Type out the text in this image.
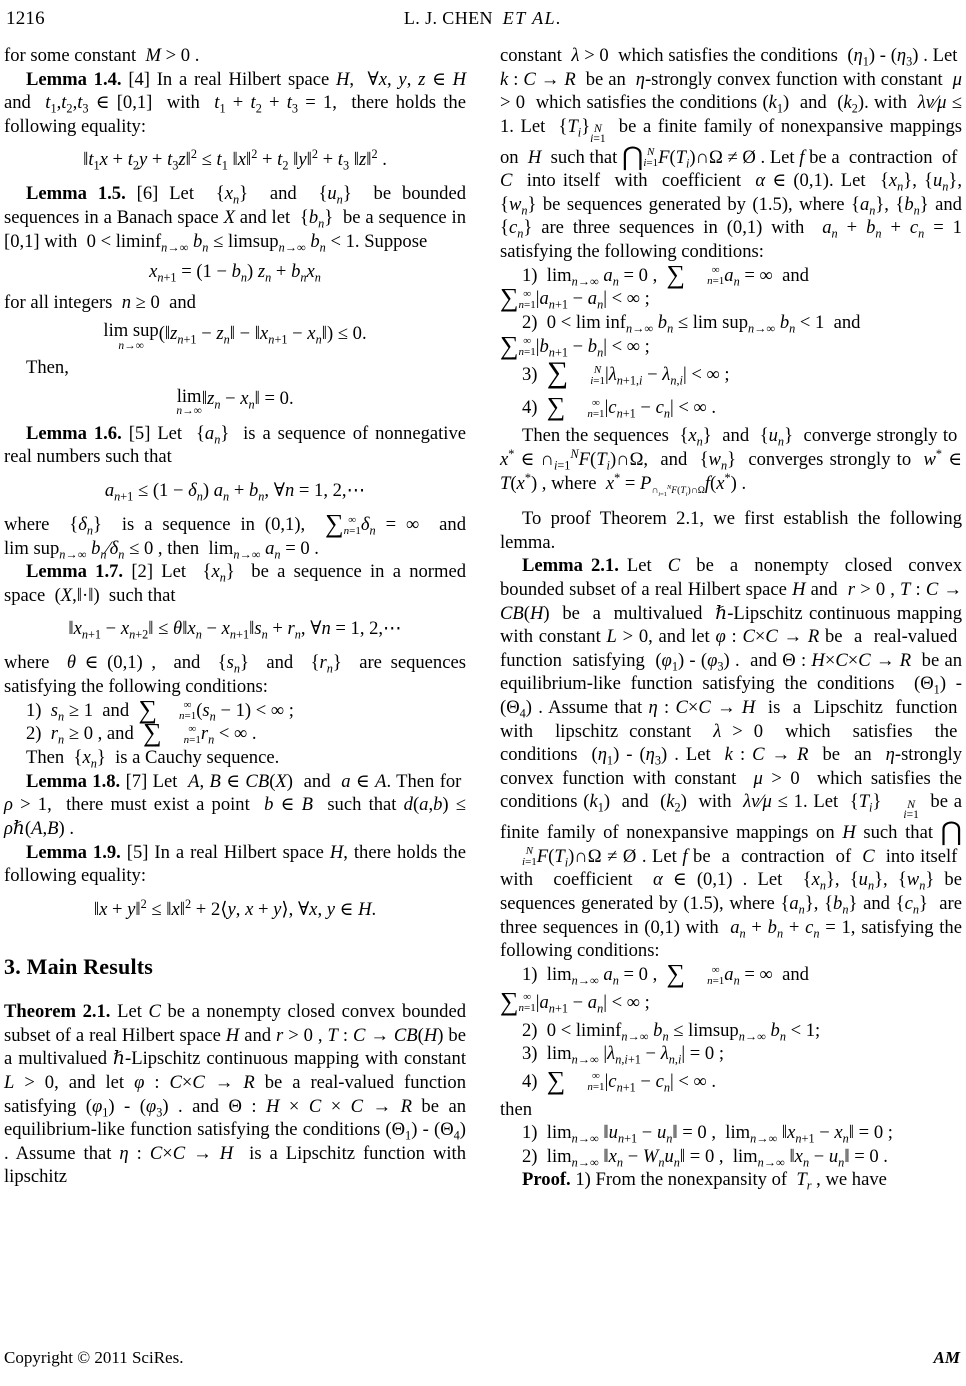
1216	L. J. CHEN ET AL.

for some constant  M > 0 .

Lemma 1.4. [4] In a real Hilbert space H,  ∀x, y, z ∈ H and  $t_1,t_2,t_3$ ∈ [0,1]  with  $t_1 + t_2 + t_3 = 1$,  there holds the following equality:

$‖t_1x + t_2y$ + $t_3z‖^2 \le t_1$ ‖x‖$^2$ + $t_2$ ‖y‖$^2$ + $t_3$ ‖z‖$^2$ .

Lemma 1.5. [6] Let  $\{x_n\}$  and  $\{u_n\}$  be bounded sequences in a Banach space X and let  $\{b_n\}$  be a sequence in [0,1] with  0 < liminf$_{n\to\infty}$ $b_n$ ≤ limsup$_{n\to\infty}$ $b_n < 1$. Suppose

$x_{n+1} = (1 - b_n) z_n + b_nx_n$

for all integers  n ≥ 0  and

lim sup
n→∞
($‖z_{n+1}$ − $z_n‖$ − $‖x_{n+1}$ − $x_n‖) \le 0$.

Then,

lim
n→∞
$‖z_n$ − $x_n‖ = 0$.

Lemma 1.6. [5] Let  $\{a_n\}$  is a sequence of nonnegative real numbers such that

$a_{n+1} \le (1 - \delta_n) a_n + b_n$, ∀n = 1, 2,⋯

where  $\{\delta_n\}$  is a sequence in (0,1),  ∑ ∞
n=1 $\delta_n$ = ∞  and lim sup$_{n\to\infty}$ $b_n⁄\delta_n \le 0$ , then  $\lim_{n\to\infty} a_n = 0$ .

Lemma 1.7. [2] Let  $\{x_n\}$  be a sequence in a normed space  (X,‖·‖)  such that

$‖x_{n+1}$ − $x_{n+2}‖$ ≤ $\theta‖x_n$ − $x_{n+1}‖s_n + r_n$, ∀n = 1, 2,⋯

where  θ ∈ (0,1) ,  and  $\{s_n\}$  and  $\{r_n\}$  are sequences satisfying the following conditions:

1)  $s_n \ge 1$  and  ∑	∞
n=1 $(s_n - 1)$ < ∞ ;

2)  $r_n \ge 0$ , and  ∑	∞
n=1 $r_n$ < ∞ .

Then  $\{x_n\}$  is a Cauchy sequence.

Lemma 1.8. [7] Let  A, B ∈ CB(X)  and  a ∈ A. Then for  ρ > 1,  there must exist a point  b ∈ B  such that d(a,b) ≤ ρℏ(A,B) .

Lemma 1.9. [5] In a real Hilbert space H, there holds the following equality:

‖x + y‖$^2$ ≤ ‖x‖$^2$ + 2⟨y, x + y⟩, ∀x, y ∈ H.
3. Main Results

Theorem 2.1. Let C be a nonempty closed convex bounded subset of a real Hilbert space H and r > 0 , T : C → CB(H) be a multivalued ℏ-Lipschitz continuous mapping with constant L > 0, and let φ : C×C → R be a real-valued function satisfying $(\varphi_1) - (\varphi_3)$ . and Θ : H × C × C → R be an equilibrium-like function satisfying the conditions $(\Theta_1) - (\Theta_4)$ . Assume that η : C×C → H  is a Lipschitz function with lipschitz

constant  λ > 0  which satisfies the conditions  $(\eta_1) - (\eta_3)$ . Let  k : C → R  be an  η-strongly convex function with constant  μ > 0  which satisfies the conditions $(k_1)$  and  $(k_2)$. with  λν⁄μ ≤ 1. Let  $\{T_i\}$ N
i=1
be a finite family of nonexpansive mappings on  H  such that ⋂ N
i=1 $F(T_i)\cap\Omega$ ≠ Ø . Let f be a  contraction  of  C  into itself  with  coefficient  α ∈ (0,1). Let  $\{x_n\}$, $\{u_n\}$, $\{w_n\}$ be sequences generated by (1.5), where $\{a_n\}$, $\{b_n\}$ and $\{c_n\}$ are three sequences in (0,1) with  $a_n + b_n + c_n = 1$ satisfying the following conditions:

1)  $\lim_{n\to\infty} a_n = 0$ ,  ∑	∞
n=1 $a_n$ = ∞  and

∑ ∞
n=1 $|a_{n+1} - a_n|$ < ∞ ;

2)  0 < lim inf$_{n\to\infty}$ $b_n \le \lim sup_{n\to\infty}$ $b_n < 1$  and

∑ ∞
n=1 $|b_{n+1} - b_n|$ < ∞ ;

3)  ∑	N
i=1 $|\lambda_{n+1,i} - \lambda_{n,i}|$ < ∞ ;

4)  ∑	∞
n=1 $|c_{n+1} - c_n|$ < ∞ .

Then the sequences  $\{x_n\}$  and  $\{u_n\}$  converge strongly to  x* ∈ $\cap_{i=1}^NF(T_i)\cap\Omega$,  and  $\{w_n\}$  converges strongly to  w* ∈ T(x*) , where  $x^* = P_{\cap_{i=1}^NF(T_i)\cap\Omega}f(x^*)$ .

To proof Theorem 2.1, we first establish the following lemma.

Lemma 2.1. Let  C  be  a  nonempty  closed  convex bounded subset of a real Hilbert space H and  r > 0 , T : C → CB(H)  be  a  multivalued  ℏ-Lipschitz continuous mapping with constant L > 0, and let φ : C×C → R be  a  real-valued  function  satisfying  $(\varphi_1) - (\varphi_3)$ .  and Θ : H×C×C → R  be an equilibrium-like function satisfying the conditions  $(\Theta_1) - (\Theta_4)$ . Assume that η : C×C → H  is  a  Lipschitz  function  with  lipschitz constant  λ > 0  which  satisfies  the  conditions  $(\eta_1) - (\eta_3)$ . Let  k : C → R  be  an  η-strongly convex function with constant  μ > 0  which satisfies the conditions $(k_1)$  and  $(k_2)$  with  λν⁄μ ≤ 1. Let  $\{T_i\}$	N
i=1
be a finite family of nonexpansive mappings on H such that ⋂
N
i=1 $F(T_i)\cap\Omega$ ≠ Ø . Let f be  a  contraction  of  C  into itself  with  coefficient  α ∈ (0,1) . Let  $\{x_n\}$, $\{u_n\}$, $\{w_n\}$ be sequences generated by (1.5), where $\{a_n\}$, $\{b_n\}$ and $\{c_n\}$  are three sequences in (0,1) with  $a_n + b_n + c_n = 1$, satisfying the following conditions:

1)  $\lim_{n\to\infty} a_n = 0$ ,  ∑	∞
n=1 $a_n$ = ∞  and

∑ ∞
n=1 $|a_{n+1} - a_n|$ < ∞ ;

2)  0 < liminf$_{n\to\infty}$ $b_n$ ≤ limsup$_{n\to\infty}$ $b_n < 1$;

3)  $\lim_{n\to\infty} |\lambda_{n,i+1} - \lambda_{n,i}| = 0$ ;

4)  ∑	∞
n=1 $|c_{n+1} - c_n|$ < ∞ .

then

1)  $\lim_{n\to\infty}$ $‖u_{n+1}$ − $u_n‖ = 0$ ,  $\lim_{n\to\infty}$ $‖x_{n+1}$ − $x_n‖ = 0$ ;

2)  $\lim_{n\to\infty}$ $‖x_n$ − $W_nu_n‖ = 0$ ,  $\lim_{n\to\infty}$ $‖x_n$ − $u_n‖ = 0$ .

Proof. 1) From the nonexpansity of  $T_r$ , we have

Copyright © 2011 SciRes.	AM
